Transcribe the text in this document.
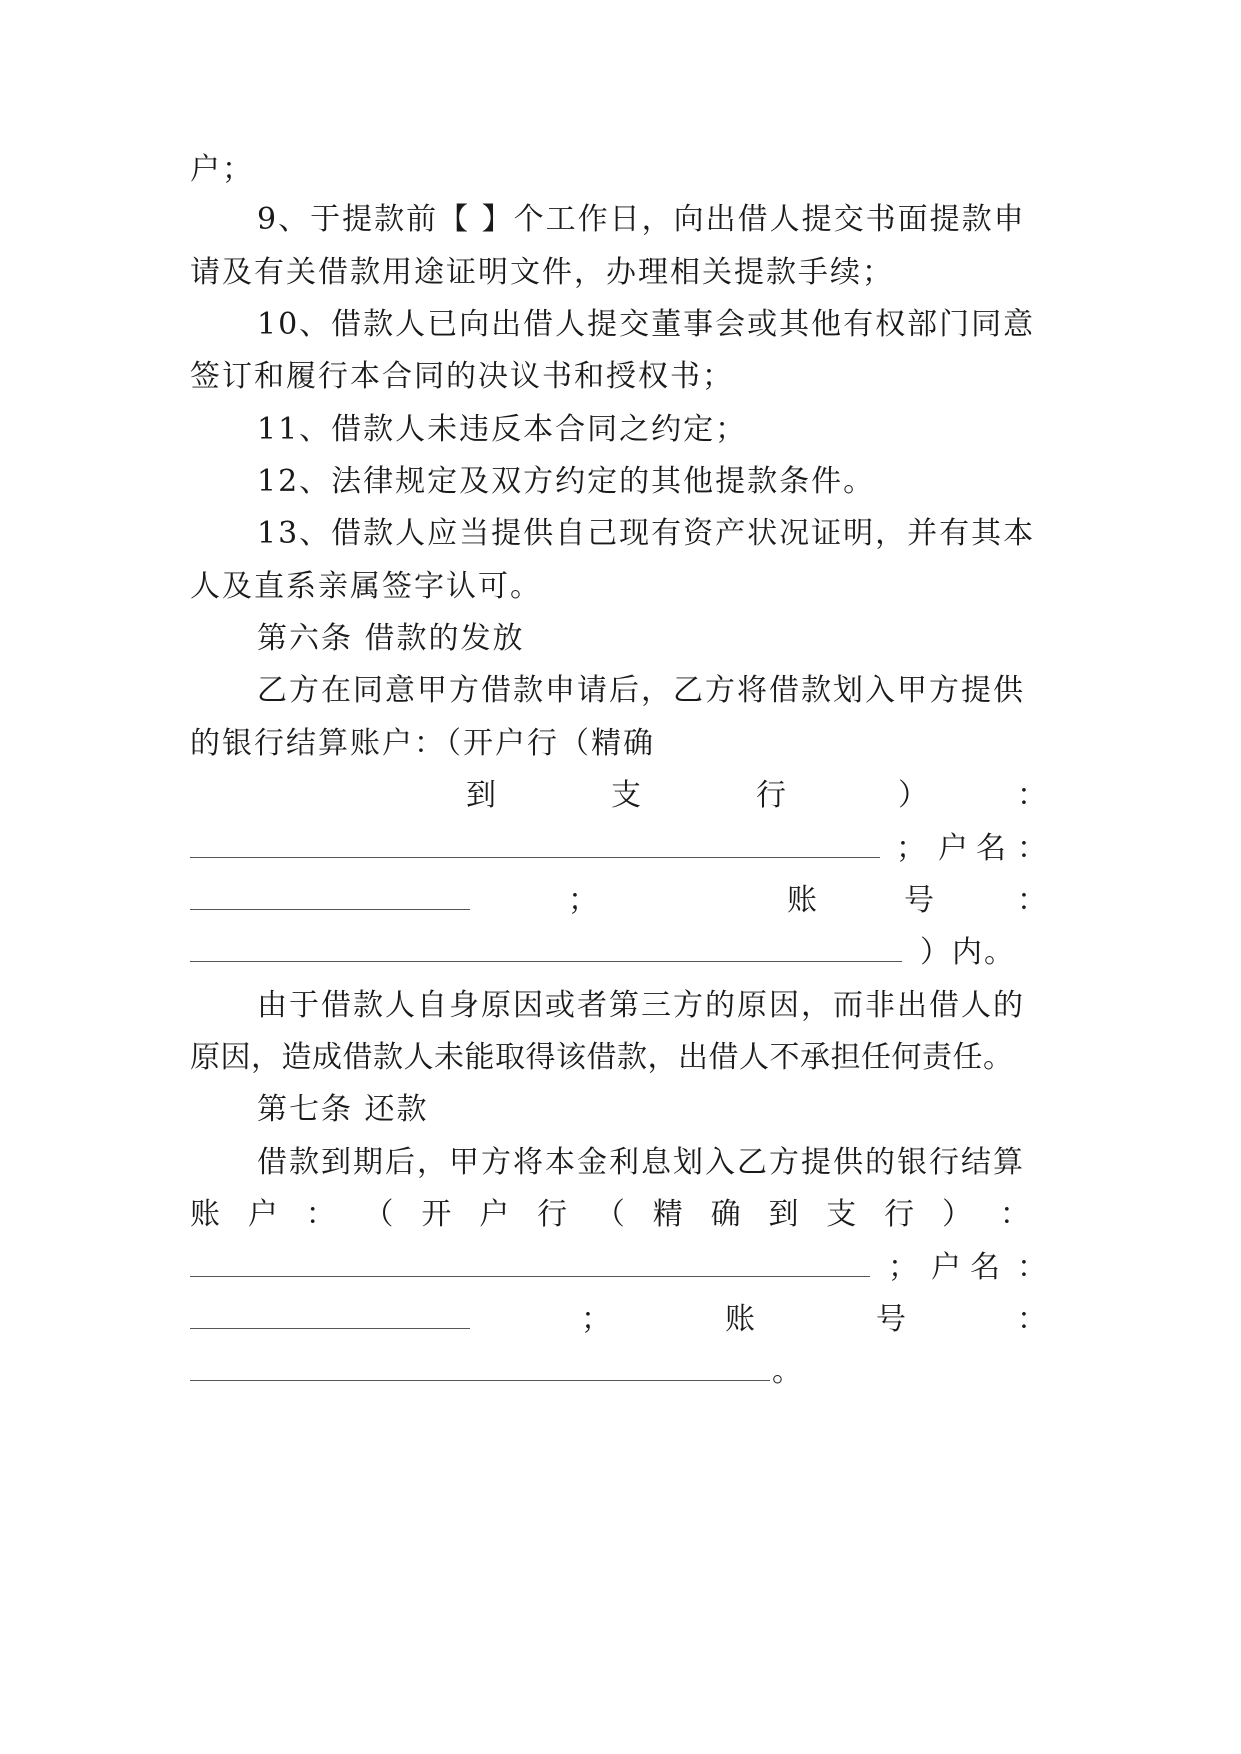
户；
9、于提款前【 】个工作日，向出借人提交书面提款申
请及有关借款用途证明文件，办理相关提款手续；
10、借款人已向出借人提交董事会或其他有权部门同意
签订和履行本合同的决议书和授权书；
11、借款人未违反本合同之约定；
12、法律规定及双方约定的其他提款条件。
13、借款人应当提供自己现有资产状况证明，并有其本
人及直系亲属签字认可。
第六条 借款的发放
乙方在同意甲方借款申请后，乙方将借款划入甲方提供
的银行结算账户：（开户行（精确
到	支	行	）	：
； 户 名 ：
；	账	号	：
）内。
由于借款人自身原因或者第三方的原因，而非出借人的
原因，造成借款人未能取得该借款，出借人不承担任何责任。
第七条 还款
借款到期后，甲方将本金利息划入乙方提供的银行结算
账 户 ： （ 开 户 行 （ 精 确 到 支 行 ） ：
； 户 名 ：
；	账	号	：
。
